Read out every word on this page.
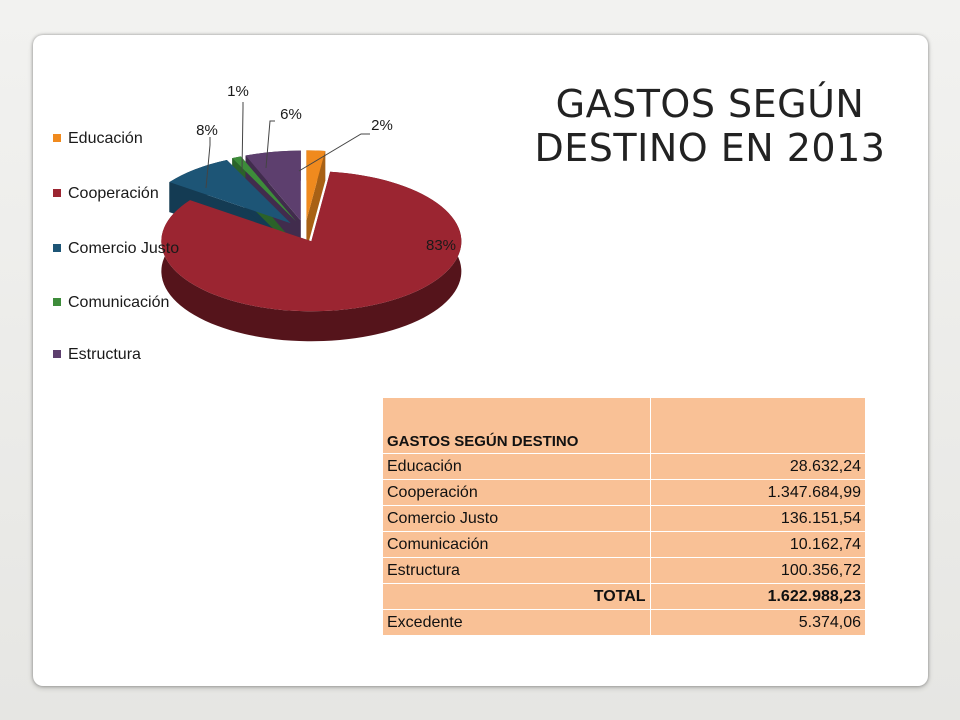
2%
83%
8%
1%
6%	GASTOS SEGÚN
DESTINO EN 2013
Educación
Cooperación
Comercio Justo
Comunicación
Estructura
GASTOS SEGÚN DESTINO	
Educación	28.632,24
Cooperación	1.347.684,99
Comercio Justo	136.151,54
Comunicación	10.162,74
Estructura	100.356,72
TOTAL	1.622.988,23
Excedente	5.374,06
